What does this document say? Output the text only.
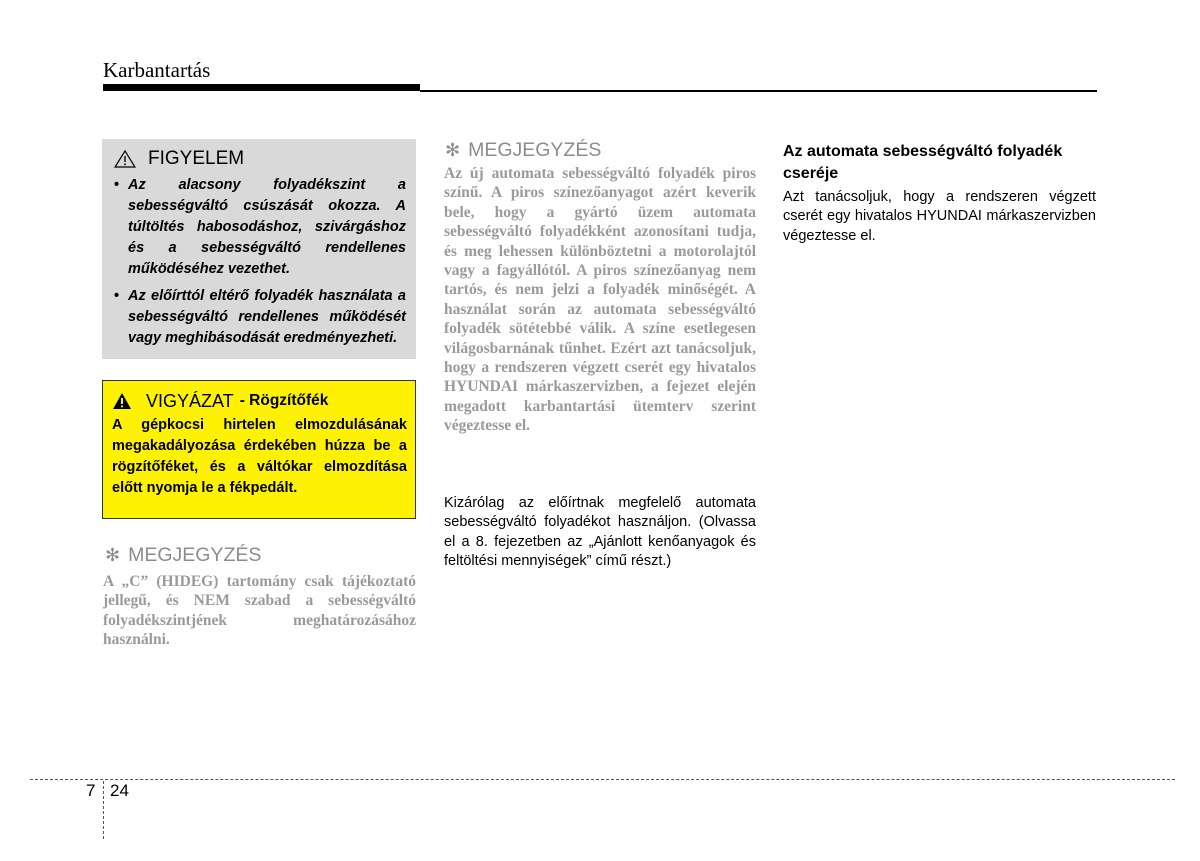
Karbantartás
FIGYELEM
• Az alacsony folyadékszint a sebességváltó csúszását okozza. A túltöltés habosodáshoz, szivárgáshoz és a sebességváltó rendellenes működéséhez vezethet.
• Az előírttól eltérő folyadék használata a sebességváltó rendellenes működését vagy meghibásodását eredményezheti.
VIGYÁZAT - Rögzítőfék
A gépkocsi hirtelen elmozdulásának megakadályozása érdekében húzza be a rögzítőféket, és a váltókar elmozdítása előtt nyomja le a fékpedált.
✻ MEGJEGYZÉS
A „C” (HIDEG) tartomány csak tájékoztató jellegű, és NEM szabad a sebességváltó folyadékszintjének meghatározásához használni.
✻ MEGJEGYZÉS
Az új automata sebességváltó folyadék piros színű. A piros színezőanyagot azért keverik bele, hogy a gyártó üzem automata sebességváltó folyadékként azonosítani tudja, és meg lehessen különböztetni a motorolajtól vagy a fagyállótól. A piros színezőanyag nem tartós, és nem jelzi a folyadék minőségét. A használat során az automata sebességváltó folyadék sötétebbé válik. A színe esetlegesen világosbarnának tűnhet. Ezért azt tanácsoljuk, hogy a rendszeren végzett cserét egy hivatalos HYUNDAI márkaszervizben, a fejezet elején megadott karbantartási ütemterv szerint végeztesse el.
Kizárólag az előírtnak megfelelő automata sebességváltó folyadékot használjon. (Olvassa el a 8. fejezetben az „Ajánlott kenőanyagok és feltöltési mennyiségek” című részt.)
Az automata sebességváltó folyadék cseréje
Azt tanácsoljuk, hogy a rendszeren végzett cserét egy hivatalos HYUNDAI márkaszervizben végeztesse el.
7 24
